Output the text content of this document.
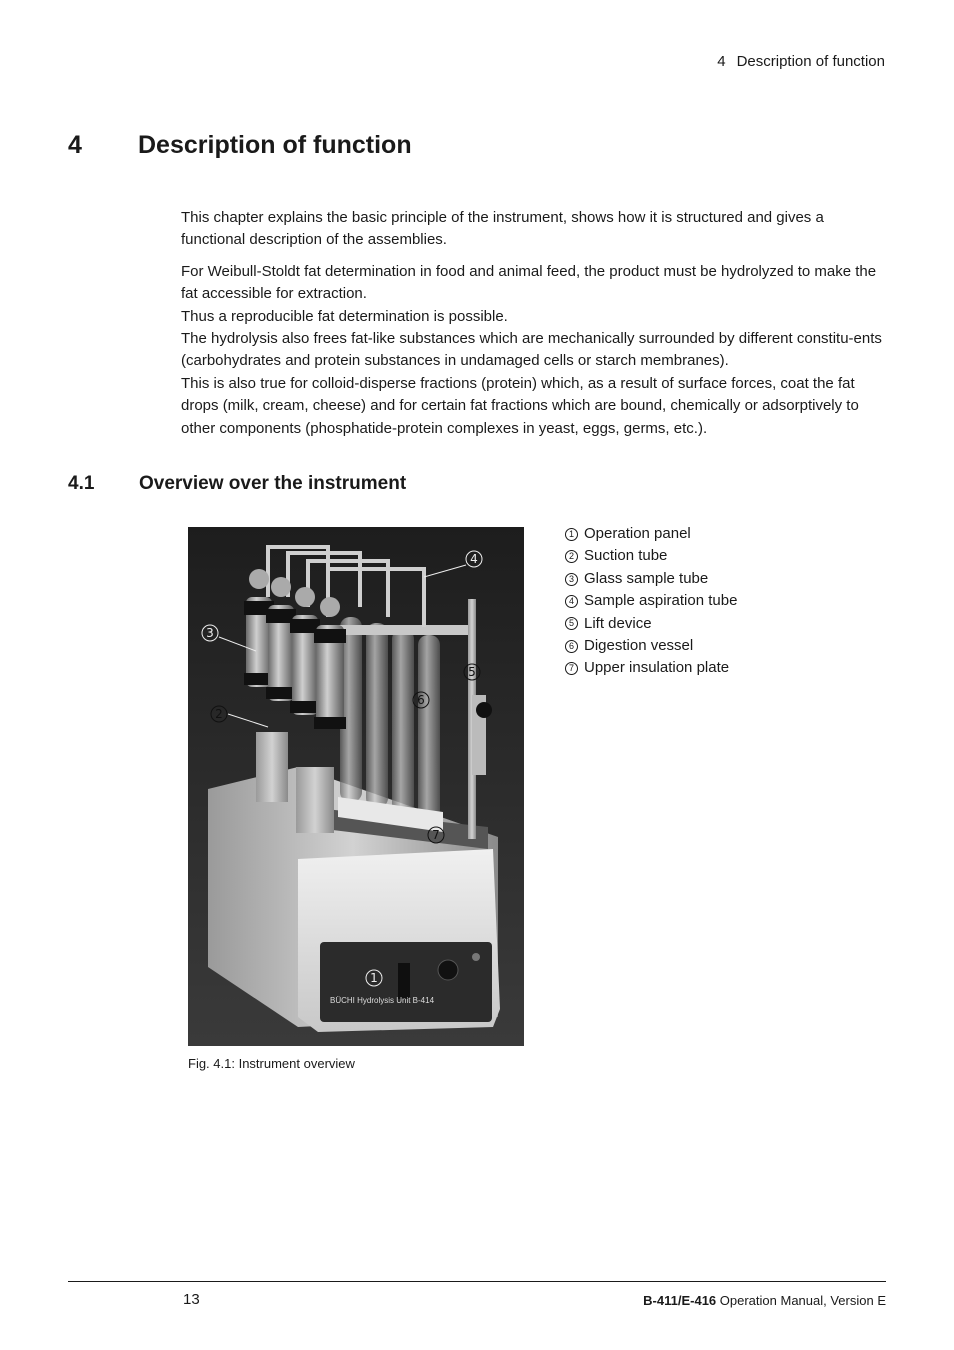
4 Description of function
4 Description of function

This chapter explains the basic principle of the instrument, shows how it is structured and gives a functional description of the assemblies.

For Weibull-Stoldt fat determination in food and animal feed, the product must be hydrolyzed to make the fat accessible for extraction.

Thus a reproducible fat determination is possible.

The hydrolysis also frees fat-like substances which are mechanically surrounded by different constitu-ents (carbohydrates and protein substances in undamaged cells or starch membranes).

This is also true for colloid-disperse fractions (protein) which, as a result of surface forces, coat the fat drops (milk, cream, cheese) and for certain fat fractions which are bound, chemically or adsorptively to other components (phosphatide-protein complexes in yeast, eggs, germs, etc.).

4.1 Overview over the instrument
BÜCHI Hydrolysis Unit B-414
1
2
3
4
5
6
7
Fig. 4.1: Instrument overview
1 Operation panel
2 Suction tube
3 Glass sample tube
4 Sample aspiration tube
5 Lift device
6 Digestion vessel
7 Upper insulation plate
13	B-411/E-416 Operation Manual, Version E
